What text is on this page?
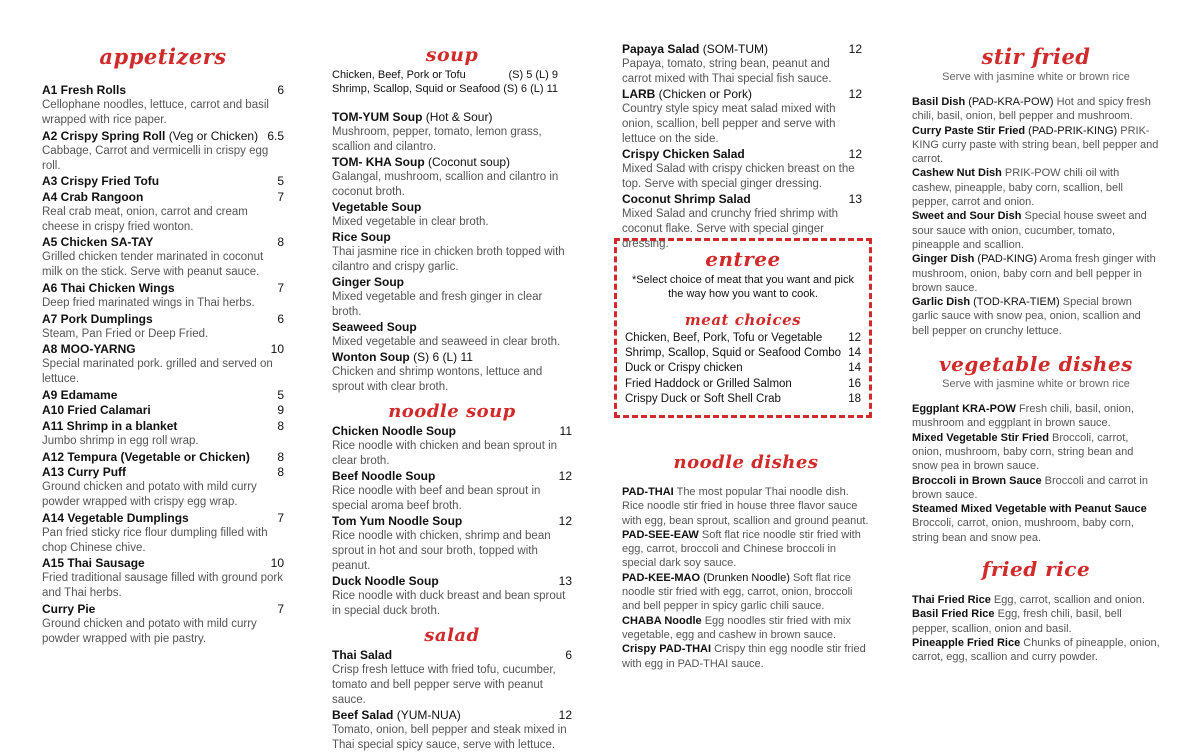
appetizers
A1 Fresh Rolls	6
Cellophane noodles, lettuce, carrot and basil wrapped with rice paper.
A2 Crispy Spring Roll (Veg or Chicken) 6.5
Cabbage, Carrot and vermicelli in crispy egg roll.
A3 Crispy Fried Tofu	5
A4 Crab Rangoon	7
Real crab meat, onion, carrot and cream cheese in crispy fried wonton.
A5 Chicken SA-TAY	8
Grilled chicken tender marinated in coconut milk on the stick. Serve with peanut sauce.
A6 Thai Chicken Wings	7
Deep fried marinated wings in Thai herbs.
A7 Pork Dumplings	6
Steam, Pan Fried or Deep Fried.
A8 MOO-YARNG	10
Special marinated pork. grilled and served on lettuce.
A9 Edamame	5
A10 Fried Calamari	9
A11 Shrimp in a blanket	8
Jumbo shrimp in egg roll wrap.
A12 Tempura (Vegetable or Chicken)	8
A13 Curry Puff	8
Ground chicken and potato with mild curry powder wrapped with crispy egg wrap.
A14 Vegetable Dumplings	7
Pan fried sticky rice flour dumpling filled with chop Chinese chive.
A15 Thai Sausage	10
Fried traditional sausage filled with ground pork and Thai herbs.
Curry Pie	7
Ground chicken and potato with mild curry powder wrapped with pie pastry.
soup
Chicken, Beef, Pork or Tofu	(S) 5 (L) 9
Shrimp, Scallop, Squid or Seafood (S) 6 (L) 11
TOM-YUM Soup (Hot & Sour)
Mushroom, pepper, tomato, lemon grass, scallion and cilantro.
TOM- KHA Soup (Coconut soup)
Galangal, mushroom, scallion and cilantro in coconut broth.
Vegetable Soup
Mixed vegetable in clear broth.
Rice Soup
Thai jasmine rice in chicken broth topped with cilantro and crispy garlic.
Ginger Soup
Mixed vegetable and fresh ginger in clear broth.
Seaweed Soup
Mixed vegetable and seaweed in clear broth.
Wonton Soup (S) 6 (L) 11
Chicken and shrimp wontons, lettuce and sprout with clear broth.
noodle soup
Chicken Noodle Soup	11
Rice noodle with chicken and bean sprout in clear broth.
Beef Noodle Soup	12
Rice noodle with beef and bean sprout in special aroma beef broth.
Tom Yum Noodle Soup	12
Rice noodle with chicken, shrimp and bean sprout in hot and sour broth, topped with peanut.
Duck Noodle Soup	13
Rice noodle with duck breast and bean sprout in special duck broth.
salad
Thai Salad	6
Crisp fresh lettuce with fried tofu, cucumber, tomato and bell pepper serve with peanut sauce.
Beef Salad (YUM-NUA)	12
Tomato, onion, bell pepper and steak mixed in Thai special spicy sauce, serve with lettuce.
Papaya Salad (SOM-TUM)	12
Papaya, tomato, string bean, peanut and carrot mixed with Thai special fish sauce.
LARB (Chicken or Pork)	12
Country style spicy meat salad mixed with onion, scallion, bell pepper and serve with lettuce on the side.
Crispy Chicken Salad	12
Mixed Salad with crispy chicken breast on the top. Serve with special ginger dressing.
Coconut Shrimp Salad	13
Mixed Salad and crunchy fried shrimp with coconut flake. Serve with special ginger dressing.
entree
*Select choice of meat that you want and pick the way how you want to cook.
meat choices
Chicken, Beef, Pork, Tofu or Vegetable 12
Shrimp, Scallop, Squid or Seafood Combo 14
Duck or Crispy chicken	14
Fried Haddock or Grilled Salmon	16
Crispy Duck or Soft Shell Crab	18
noodle dishes
PAD-THAI The most popular Thai noodle dish. Rice noodle stir fried in house three flavor sauce with egg, bean sprout, scallion and ground peanut.
PAD-SEE-EAW Soft flat rice noodle stir fried with egg, carrot, broccoli and Chinese broccoli in special dark soy sauce.
PAD-KEE-MAO (Drunken Noodle) Soft flat rice noodle stir fried with egg, carrot, onion, broccoli and bell pepper in spicy garlic chili sauce.
CHABA Noodle Egg noodles stir fried with mix vegetable, egg and cashew in brown sauce.
Crispy PAD-THAI Crispy thin egg noodle stir fried with egg in PAD-THAI sauce.
stir fried

Serve with jasmine white or brown rice

Basil Dish (PAD-KRA-POW) Hot and spicy fresh chili, basil, onion, bell pepper and mushroom.
Curry Paste Stir Fried (PAD-PRIK-KING) PRIK-KING curry paste with string bean, bell pepper and carrot.
Cashew Nut Dish PRIK-POW chili oil with cashew, pineapple, baby corn, scallion, bell pepper, carrot and onion.
Sweet and Sour Dish Special house sweet and sour sauce with onion, cucumber, tomato, pineapple and scallion.
Ginger Dish (PAD-KING) Aroma fresh ginger with mushroom, onion, baby corn and bell pepper in brown sauce.
Garlic Dish (TOD-KRA-TIEM) Special brown garlic sauce with snow pea, onion, scallion and bell pepper on crunchy lettuce.
vegetable dishes

Serve with jasmine white or brown rice

Eggplant KRA-POW Fresh chili, basil, onion, mushroom and eggplant in brown sauce.
Mixed Vegetable Stir Fried Broccoli, carrot, onion, mushroom, baby corn, string bean and snow pea in brown sauce.
Broccoli in Brown Sauce Broccoli and carrot in brown sauce.
Steamed Mixed Vegetable with Peanut Sauce Broccoli, carrot, onion, mushroom, baby corn, string bean and snow pea.
fried rice
Thai Fried Rice Egg, carrot, scallion and onion.
Basil Fried Rice Egg, fresh chili, basil, bell pepper, scallion, onion and basil.
Pineapple Fried Rice Chunks of pineapple, onion, carrot, egg, scallion and curry powder.
